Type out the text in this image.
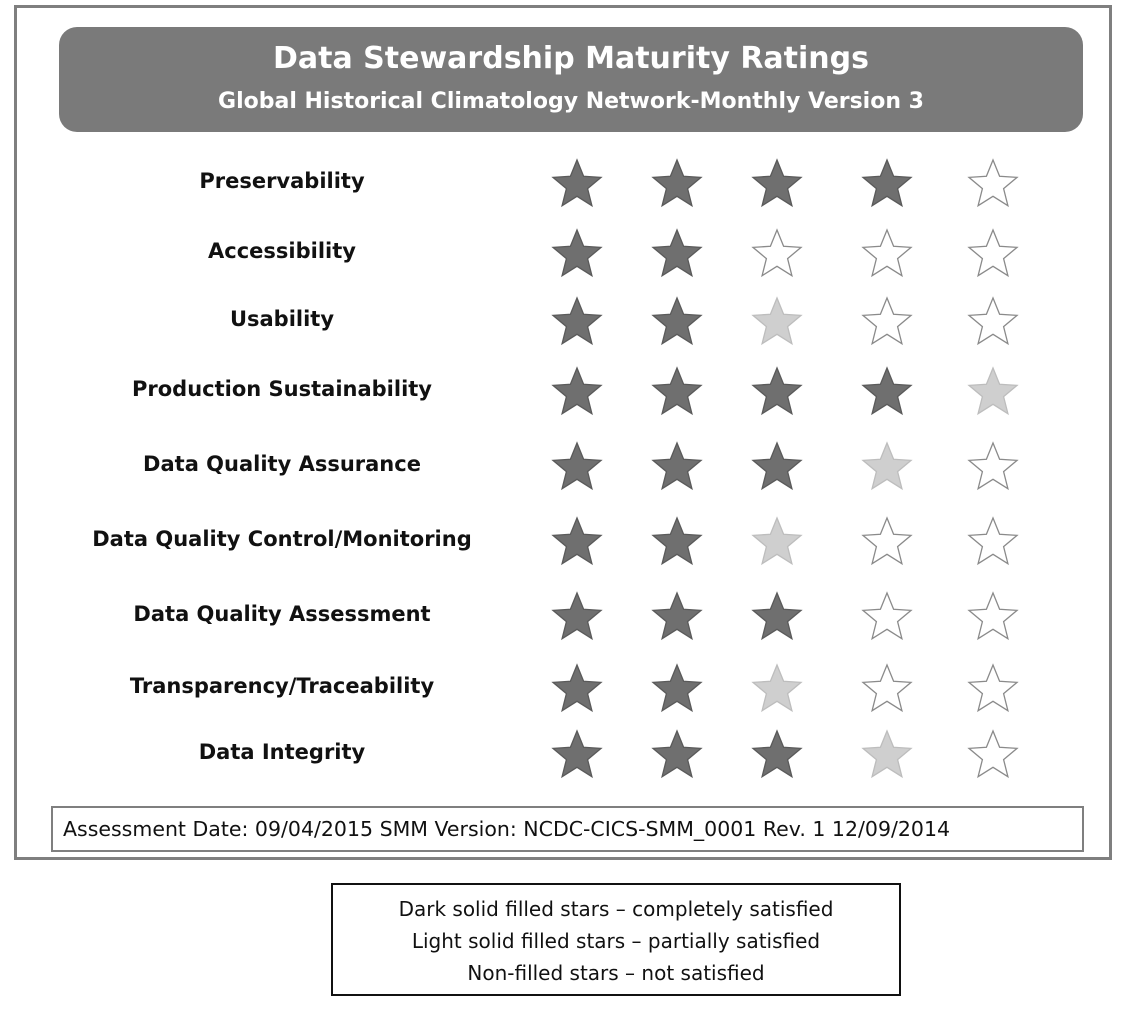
Data Stewardship Maturity Ratings
Global Historical Climatology Network-Monthly Version 3
Preservability
Accessibility
Usability
Production Sustainability
Data Quality Assurance
Data Quality Control/Monitoring
Data Quality Assessment
Transparency/Traceability
Data Integrity
Assessment Date: 09/04/2015 SMM Version: NCDC-CICS-SMM_0001 Rev. 1 12/09/2014
Dark solid filled stars – completely satisfied
Light solid filled stars – partially satisfied
Non-filled stars – not satisfied
